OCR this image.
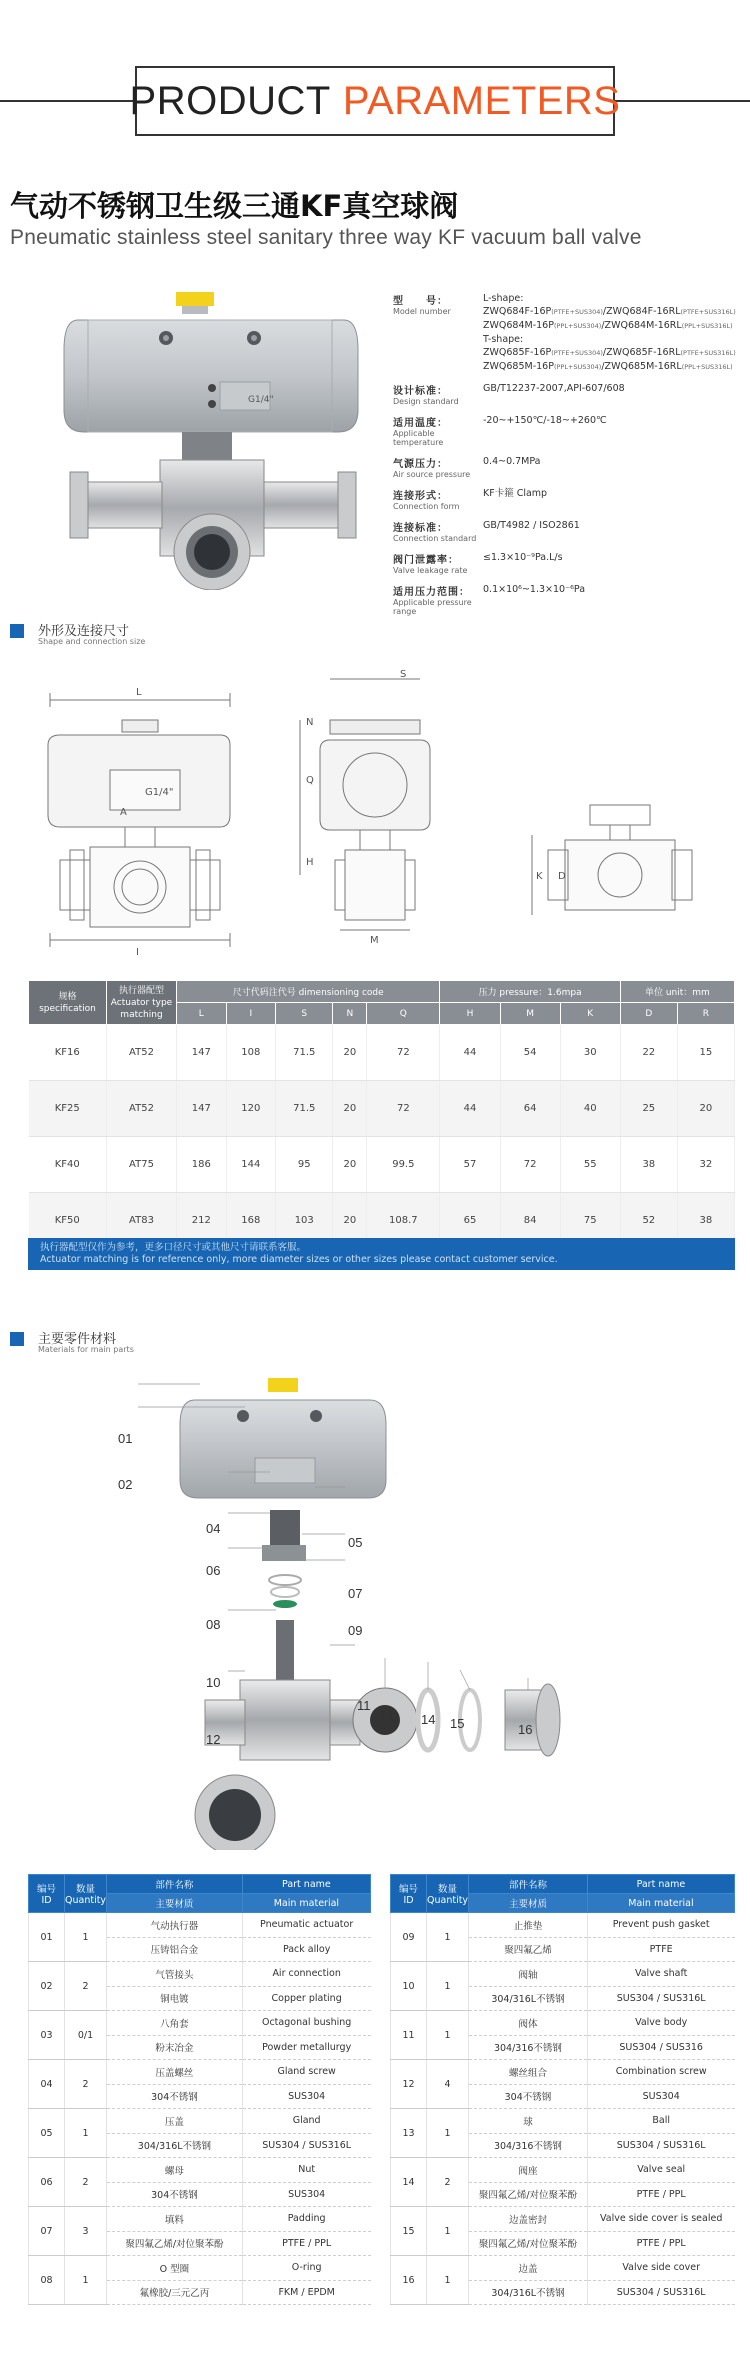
PRODUCT PARAMETERS
气动不锈钢卫生级三通KF真空球阀
Pneumatic stainless steel sanitary three way KF vacuum ball valve
G1/4"
型　　号：
Model number
L-shape:
ZWQ684F-16P(PTFE+SUS304)/ZWQ684F-16RL(PTFE+SUS316L)
ZWQ684M-16P(PPL+SUS304)/ZWQ684M-16RL(PPL+SUS316L)
T-shape:
ZWQ685F-16P(PTFE+SUS304)/ZWQ685F-16RL(PTFE+SUS316L)
ZWQ685M-16P(PPL+SUS304)/ZWQ685M-16RL(PPL+SUS316L)
设计标准：
Design standard
GB/T12237-2007,API-607/608
适用温度：
Applicable temperature
-20~+150℃/-18~+260℃
气源压力：
Air source pressure
0.4~0.7MPa
连接形式：
Connection form
KF卡箍 Clamp
连接标准：
Connection standard
GB/T4982 / ISO2861
阀门泄露率：
Valve leakage rate
≤1.3×10⁻⁹Pa.L/s
适用压力范围：
Applicable pressure range
0.1×10⁶~1.3×10⁻⁶Pa
外形及连接尺寸
Shape and connection size
L
S
N
Q
H
M
I
K D
G1/4"
A
规格
specification	执行器配型
Actuator type
matching	尺寸代码注代号 dimensioning code					压力 pressure：1.6mpa			单位 unit：mm	
		L	I	S	N	Q	H	M	K	D	R
KF16	AT52	147	108	71.5	20	72	44	54	30	22	15
KF25	AT52	147	120	71.5	20	72	44	64	40	25	20
KF40	AT75	186	144	95	20	99.5	57	72	55	38	32
KF50	AT83	212	168	103	20	108.7	65	84	75	52	38
执行器配型仅作为参考，更多口径尺寸或其他尺寸请联系客服。
Actuator matching is for reference only, more diameter sizes or other sizes please contact customer service.
主要零件材料
Materials for main parts
01
02
04
05
06
07
08	09
10
11
12
13 14 15	16
编号
ID	数量
Quantity	部件名称	Part name
		主要材质	Main material
01	1	气动执行器	Pneumatic actuator
		压铸铝合金	Pack alloy
02	2	气管接头	Air connection
		铜电镀	Copper plating
03	0/1	八角套	Octagonal bushing
		粉末冶金	Powder metallurgy
04	2	压盖螺丝	Gland screw
		304不锈钢	SUS304
05	1	压盖	Gland
		304/316L不锈钢	SUS304 / SUS316L
06	2	螺母	Nut
		304不锈钢	SUS304
07	3	填料	Padding
		聚四氟乙烯/对位聚苯酚	PTFE / PPL
08	1	O 型圈	O-ring
		氟橡胶/三元乙丙	FKM / EPDM
编号
ID	数量
Quantity	部件名称	Part name
		主要材质	Main material
09	1	止推垫	Prevent push gasket
		聚四氟乙烯	PTFE
10	1	阀轴	Valve shaft
		304/316L不锈钢	SUS304 / SUS316L
11	1	阀体	Valve body
		304/316不锈钢	SUS304 / SUS316
12	4	螺丝组合	Combination screw
		304不锈钢	SUS304
13	1	球	Ball
		304/316不锈钢	SUS304 / SUS316L
14	2	阀座	Valve seal
		聚四氟乙烯/对位聚苯酚	PTFE / PPL
15	1	边盖密封	Valve side cover is sealed
		聚四氟乙烯/对位聚苯酚	PTFE / PPL
16	1	边盖	Valve side cover
		304/316L不锈钢	SUS304 / SUS316L
